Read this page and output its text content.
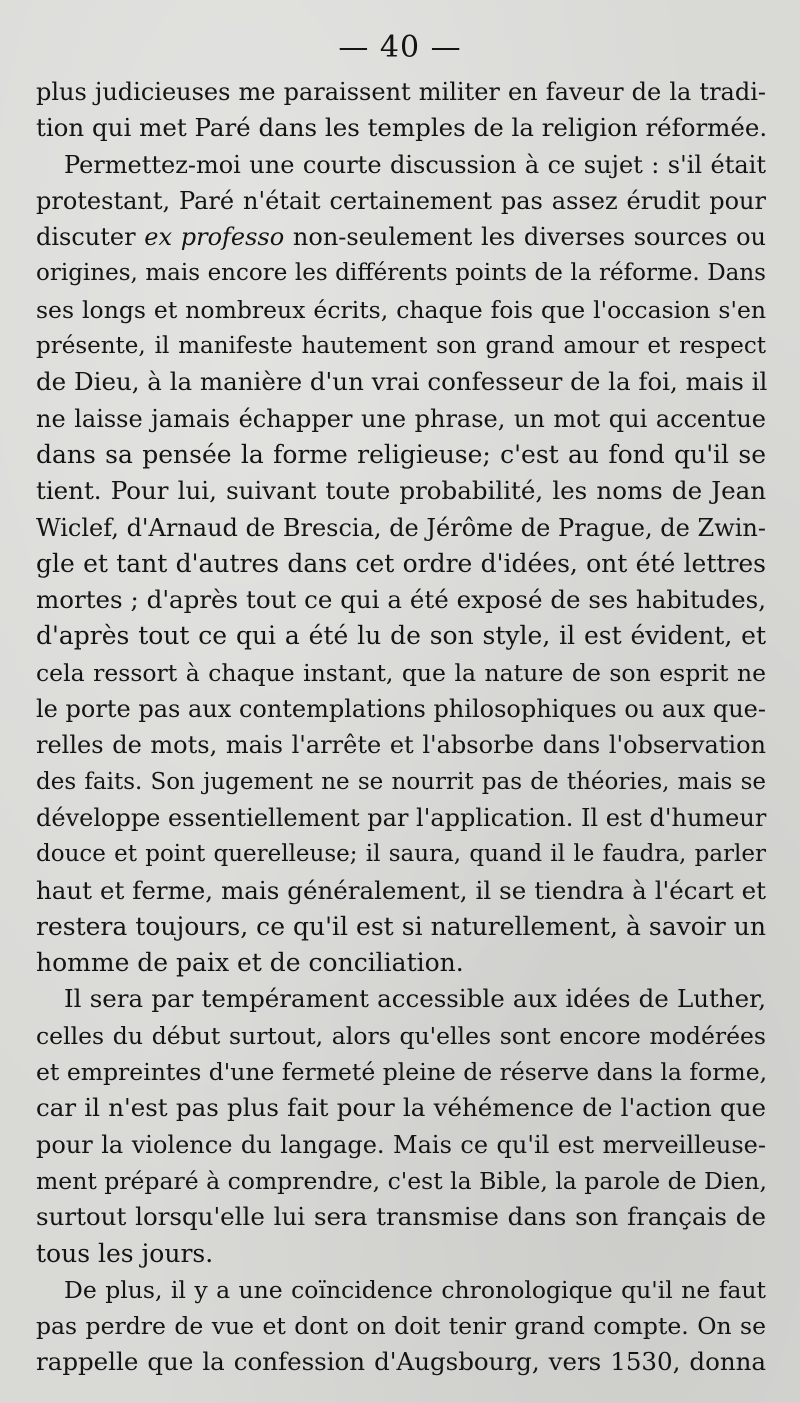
— 40 —
plus judicieuses me paraissent militer en faveur de la tradi-
tion qui met Paré dans les temples de la religion réformée.
Permettez-moi une courte discussion à ce sujet : s'il était
protestant, Paré n'était certainement pas assez érudit pour
discuter ex professo non-seulement les diverses sources ou
origines, mais encore les différents points de la réforme. Dans
ses longs et nombreux écrits, chaque fois que l'occasion s'en
présente, il manifeste hautement son grand amour et respect
de Dieu, à la manière d'un vrai confesseur de la foi, mais il
ne laisse jamais échapper une phrase, un mot qui accentue
dans sa pensée la forme religieuse; c'est au fond qu'il se
tient. Pour lui, suivant toute probabilité, les noms de Jean
Wiclef, d'Arnaud de Brescia, de Jérôme de Prague, de Zwin-
gle et tant d'autres dans cet ordre d'idées, ont été lettres
mortes ; d'après tout ce qui a été exposé de ses habitudes,
d'après tout ce qui a été lu de son style, il est évident, et
cela ressort à chaque instant, que la nature de son esprit ne
le porte pas aux contemplations philosophiques ou aux que-
relles de mots, mais l'arrête et l'absorbe dans l'observation
des faits. Son jugement ne se nourrit pas de théories, mais se
développe essentiellement par l'application. Il est d'humeur
douce et point querelleuse; il saura, quand il le faudra, parler
haut et ferme, mais généralement, il se tiendra à l'écart et
restera toujours, ce qu'il est si naturellement, à savoir un
homme de paix et de conciliation.
Il sera par tempérament accessible aux idées de Luther,
celles du début surtout, alors qu'elles sont encore modérées
et empreintes d'une fermeté pleine de réserve dans la forme,
car il n'est pas plus fait pour la véhémence de l'action que
pour la violence du langage. Mais ce qu'il est merveilleuse-
ment préparé à comprendre, c'est la Bible, la parole de Dien,
surtout lorsqu'elle lui sera transmise dans son français de
tous les jours.
De plus, il y a une coïncidence chronologique qu'il ne faut
pas perdre de vue et dont on doit tenir grand compte. On se
rappelle que la confession d'Augsbourg, vers 1530, donna
